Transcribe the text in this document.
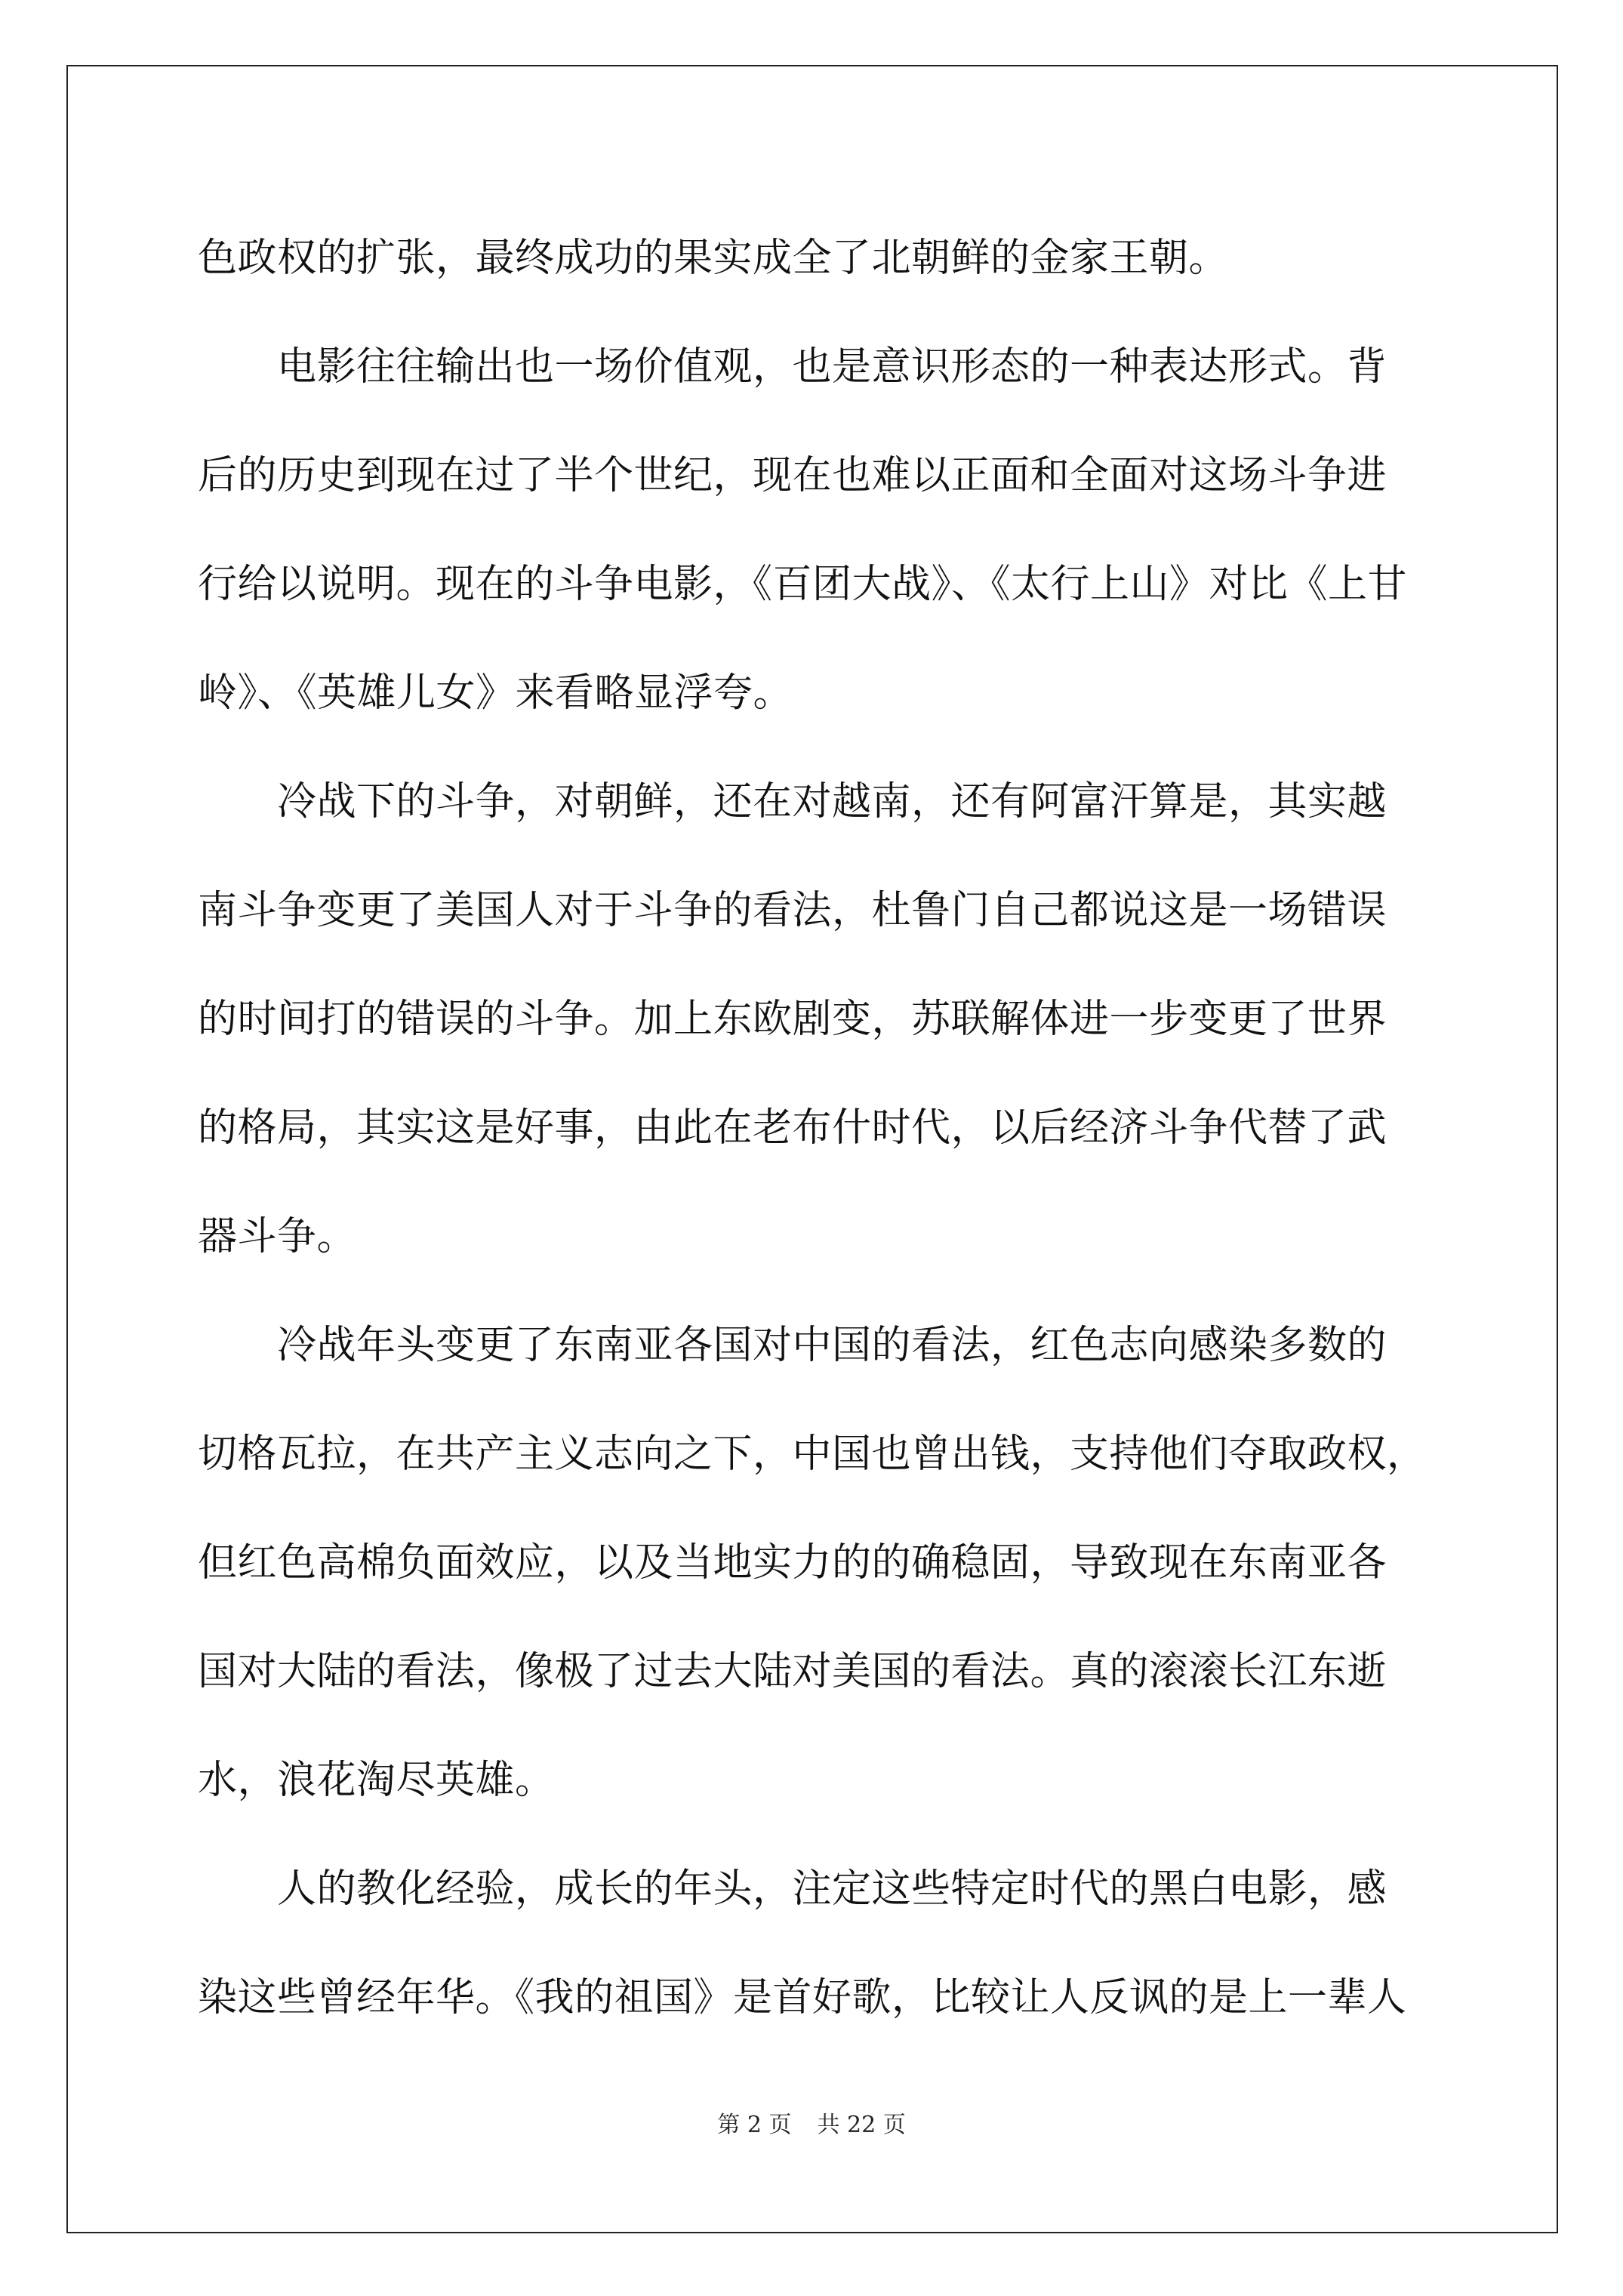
色政权的扩张，最终成功的果实成全了北朝鲜的金家王朝。
　　电影往往输出也一场价值观，也是意识形态的一种表达形式。背
后的历史到现在过了半个世纪，现在也难以正面和全面对这场斗争进
行给以说明。现在的斗争电影，《百团大战》、《太行上山》对比《上甘
岭》、《英雄儿女》来看略显浮夸。
　　冷战下的斗争，对朝鲜，还在对越南，还有阿富汗算是，其实越
南斗争变更了美国人对于斗争的看法，杜鲁门自己都说这是一场错误
的时间打的错误的斗争。加上东欧剧变，苏联解体进一步变更了世界
的格局，其实这是好事，由此在老布什时代，以后经济斗争代替了武
器斗争。
　　冷战年头变更了东南亚各国对中国的看法，红色志向感染多数的
切格瓦拉，在共产主义志向之下，中国也曾出钱，支持他们夺取政权，
但红色高棉负面效应，以及当地实力的的确稳固，导致现在东南亚各
国对大陆的看法，像极了过去大陆对美国的看法。真的滚滚长江东逝
水，浪花淘尽英雄。
　　人的教化经验，成长的年头，注定这些特定时代的黑白电影，感
染这些曾经年华。《我的祖国》是首好歌，比较让人反讽的是上一辈人
第 2 页 共 22 页
